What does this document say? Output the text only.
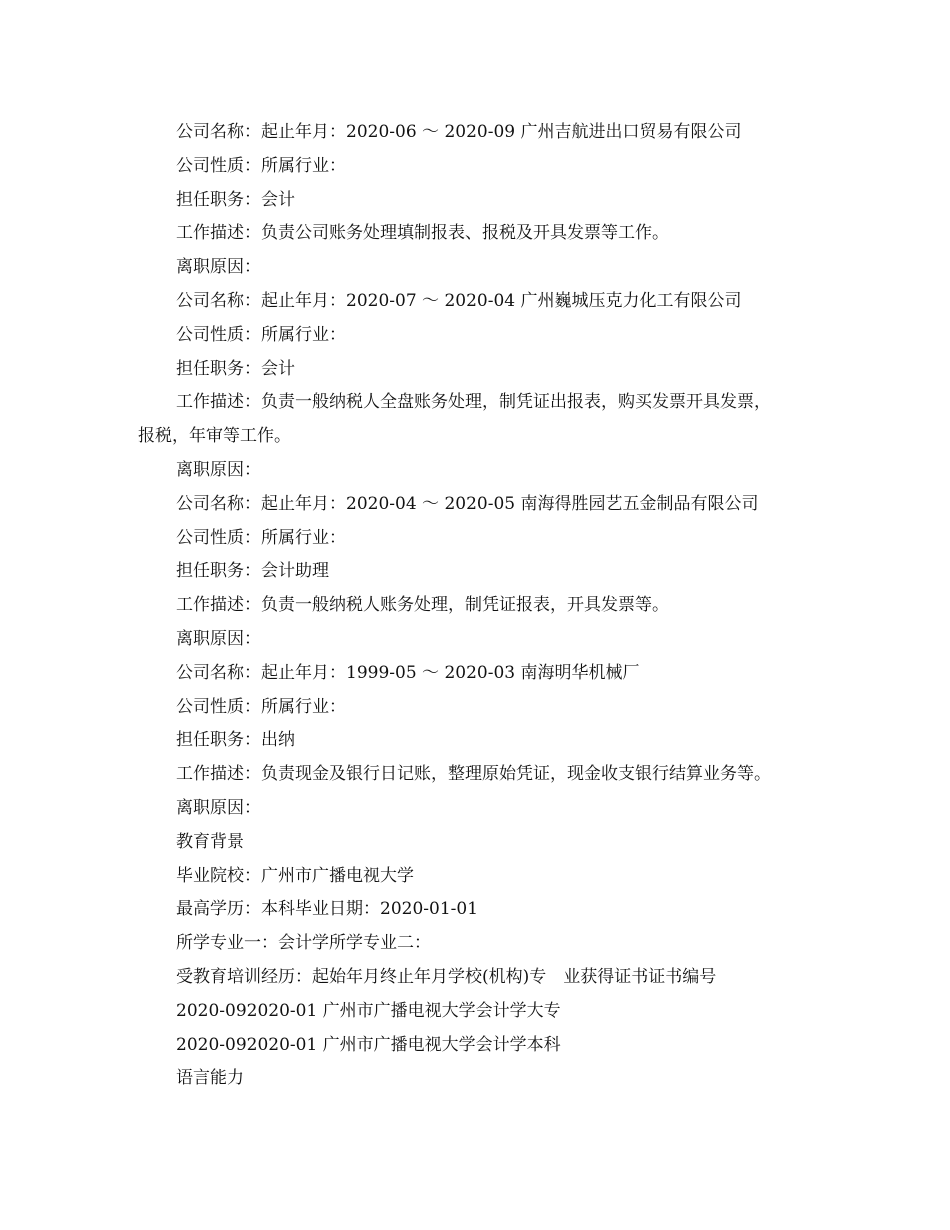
公司名称：起止年月：2020-06 ～ 2020-09 广州吉航进出口贸易有限公司
公司性质：所属行业：
担任职务：会计
工作描述：负责公司账务处理填制报表、报税及开具发票等工作。
离职原因：
公司名称：起止年月：2020-07 ～ 2020-04 广州巍城压克力化工有限公司
公司性质：所属行业：
担任职务：会计
工作描述：负责一般纳税人全盘账务处理，制凭证出报表，购买发票开具发票，
报税，年审等工作。
离职原因：
公司名称：起止年月：2020-04 ～ 2020-05 南海得胜园艺五金制品有限公司
公司性质：所属行业：
担任职务：会计助理
工作描述：负责一般纳税人账务处理，制凭证报表，开具发票等。
离职原因：
公司名称：起止年月：1999-05 ～ 2020-03 南海明华机械厂
公司性质：所属行业：
担任职务：出纳
工作描述：负责现金及银行日记账，整理原始凭证，现金收支银行结算业务等。
离职原因：
教育背景
毕业院校：广州市广播电视大学
最高学历：本科毕业日期：2020-01-01
所学专业一：会计学所学专业二：
受教育培训经历：起始年月终止年月学校(机构)专　业获得证书证书编号
2020-092020-01 广州市广播电视大学会计学大专
2020-092020-01 广州市广播电视大学会计学本科
语言能力
